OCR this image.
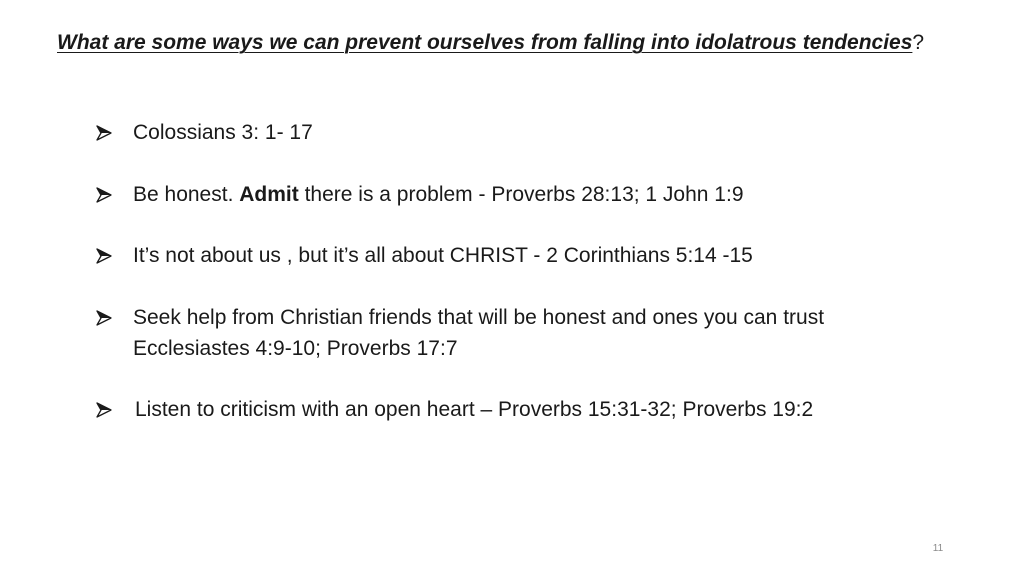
What are some ways we can prevent ourselves from falling into idolatrous tendencies?
Colossians 3: 1- 17
Be honest. Admit there is a problem - Proverbs 28:13; 1 John 1:9
It’s not about us , but it’s all about CHRIST - 2 Corinthians 5:14 -15
Seek help from Christian friends that will be honest and ones you can trust
Ecclesiastes 4:9-10; Proverbs 17:7
Listen to criticism with an open heart – Proverbs 15:31-32; Proverbs 19:2
11
